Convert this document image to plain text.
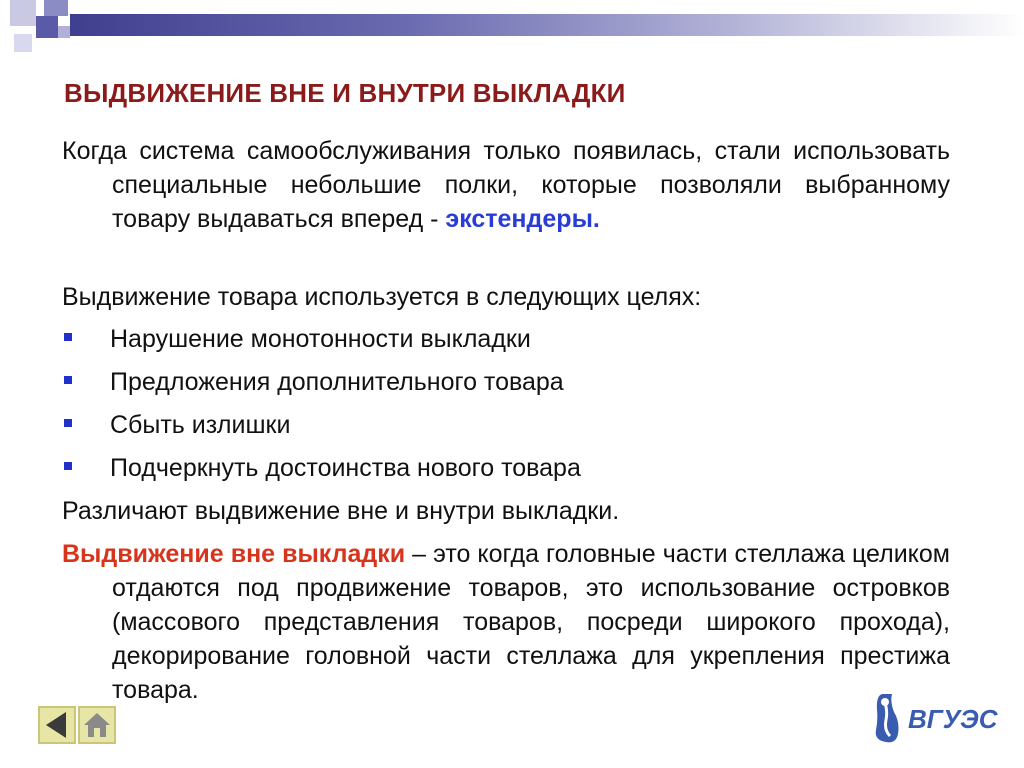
ВЫДВИЖЕНИЕ ВНЕ И ВНУТРИ ВЫКЛАДКИ

Когда система самообслуживания только появилась, стали использовать специальные небольшие полки, которые позволяли выбранному товару выдаваться вперед - экстендеры.

Выдвижение товара используется в следующих целях:

Нарушение монотонности выкладки
Предложения дополнительного товара
Сбыть излишки
Подчеркнуть достоинства нового товара

Различают выдвижение вне и внутри выкладки.

Выдвижение вне выкладки – это когда головные части стеллажа целиком отдаются под продвижение товаров, это использование островков (массового представления товаров, посреди широкого прохода), декорирование головной части стеллажа для укрепления престижа товара.

ВГУЭС
